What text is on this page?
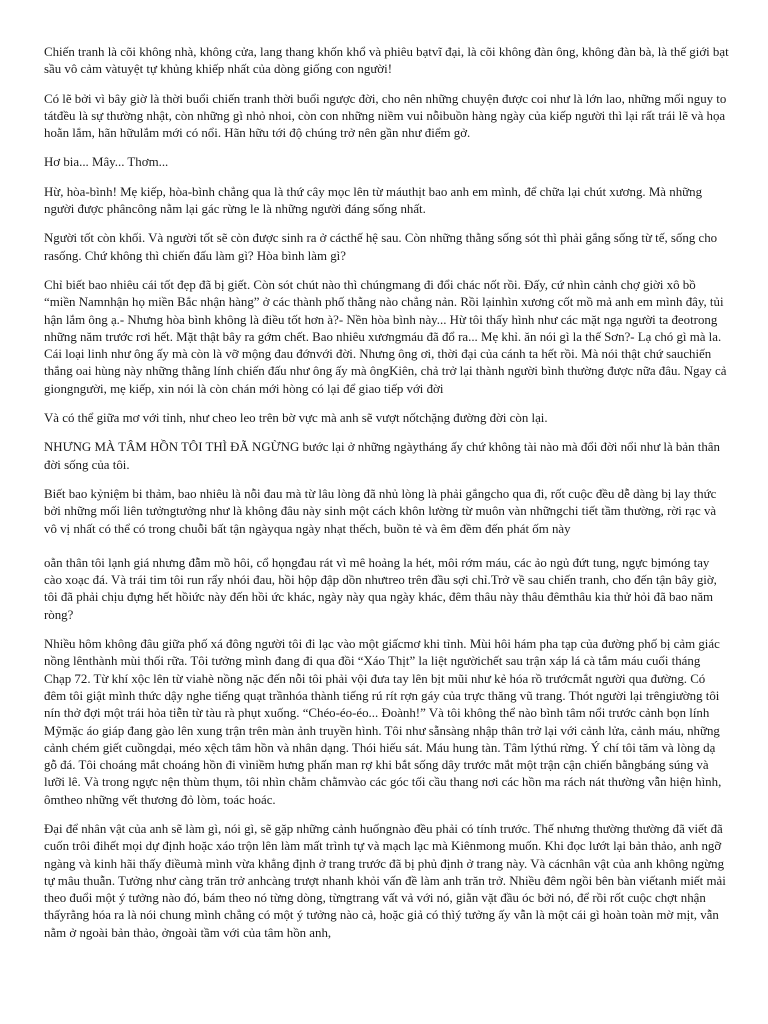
Chiến tranh là cõi không nhà, không cửa, lang thang khốn khổ và phiêu bạtvĩ đại, là cõi không đàn ông, không đàn bà, là thế giới bạt sầu vô cảm vàtuyệt tự khủng khiếp nhất của dòng giống con người!

Có lẽ bởi vì bây giờ là thời buổi chiến tranh thời buổi ngược đời, cho nên những chuyện được coi như là lớn lao, những mối nguy to tátđều là sự thường nhật, còn những gì nhỏ nhoi, còn con những niềm vui nỗibuồn hàng ngày của kiếp người thì lại rất trái lẽ và họa hoằn lắm, hãn hữulắm mới có nổi. Hãn hữu tới độ chúng trở nên gần như điểm gở.

Hơ bia... Mây... Thơm...

Hừ, hòa-bình! Mẹ kiếp, hòa-bình chẳng qua là thứ cây mọc lên từ máuthịt bao anh em mình, để chữa lại chút xương. Mà những người được phâncông nằm lại gác rừng le là những người đáng sống nhất.

Người tốt còn khối. Và người tốt sẽ còn được sinh ra ở cácthế hệ sau. Còn những thằng sống sót thì phải gắng sống từ tế, sống cho rasống. Chứ không thì chiến đấu làm gì? Hòa bình làm gì?

Chỉ biết bao nhiêu cái tốt đẹp đã bị giết. Còn sót chút nào thì chúngmang đi đổi chác nốt rồi. Đấy, cứ nhìn cảnh chợ giời xô bồ “miền Namnhận họ miền Bắc nhận hàng” ở các thành phố thằng nào chẳng nản. Rồi lạinhìn xương cốt mồ mả anh em mình đây, tủi hận lắm ông ạ.- Nhưng hòa bình không là điều tốt hơn à?- Nền hòa bình này... Hừ tôi thấy hình như các mặt ngạ người ta đeotrong những năm trước rơi hết. Mặt thật bây ra gớm chết. Bao nhiêu xươngmáu đã đổ ra... Mẹ khỉ. ăn nói gì la thế Sơn?- Lạ chó gì mà la. Cái loại linh như ông ấy mà còn là vỡ mộng đau đớnvới đời. Nhưng ông ơi, thời đại của cánh ta hết rồi. Mà nói thật chứ sauchiến thắng oai hùng này những thằng lính chiến đấu như ông ấy mà ôngKiên, chả trở lại thành người bình thường được nữa đâu. Ngay cả giongngười, mẹ kiếp, xin nói là còn chán mới hòng có lại để giao tiếp với đời

Và có thể giữa mơ với tỉnh, như cheo leo trên bờ vực mà anh sẽ vượt nốtchặng đường đời còn lại.

NHƯNG MÀ TÂM HỒN TÔI THÌ ĐÃ NGỪNG bước lại ở những ngàytháng ấy chứ không tài nào mà đổi đời nổi như là bản thân đời sống của tôi.

Biết bao kỷniệm bi thảm, bao nhiêu là nỗi đau mà từ lâu lòng đã nhủ lòng là phải gắngcho qua đi, rốt cuộc đều dễ dàng bị lay thức bởi những mối liên tưởngtưởng như là không đâu này sinh một cách khôn lường từ muôn vàn nhữngchi tiết tầm thường, rời rạc và vô vị nhất có thể có trong chuỗi bất tận ngàyqua ngày nhạt thếch, buồn tẻ và êm đềm đến phát ốm này

oằn thân tôi lạnh giá nhưng đẫm mồ hôi, cổ họngđau rát vì mê hoảng la hét, môi rớm máu, các ảo ngủ đứt tung, ngực bịmóng tay cào xoạc đá. Và trái tim tôi run rẩy nhói đau, hồi hộp đập dồn nhưtreo trên đầu sợi chỉ.Trở về sau chiến tranh, cho đến tận bây giờ, tôi đã phải chịu đựng hết hồiức này đến hồi ức khác, ngày này qua ngày khác, đêm thâu này thâu đêmthâu kia thử hỏi đã bao năm ròng?

Nhiều hôm không đâu giữa phố xá đông người tôi đi lạc vào một giấcmơ khi tỉnh. Mùi hôi hám pha tạp của đường phố bị cảm giác nồng lênthành mùi thối rữa. Tôi tưởng mình đang đi qua đồi “Xáo Thịt” la liệt ngườichết sau trận xáp lá cà tắm máu cuối tháng Chạp 72. Từ khí xộc lên từ viahè nồng nặc đến nỗi tôi phải vội đưa tay lên bịt mũi như kẻ hóa rồ trướcmắt người qua đường. Có đêm tôi giật mình thức dậy nghe tiếng quạt trầnhóa thành tiếng rú rít rợn gáy của trực thăng vũ trang. Thót người lại trêngiường tôi nín thở đợi một trái hỏa tiễn từ tàu rà phụt xuống. “Chéo-éo-éo... Đoành!” Và tôi không thể nào bình tâm nổi trước cảnh bọn lính Mỹmặc áo giáp đang gào lên xung trận trên màn ảnh truyền hình. Tôi như sẵnsàng nhập thân trở lại với cảnh lửa, cảnh máu, những cảnh chém giết cuồngdại, méo xệch tâm hồn và nhân dạng. Thói hiếu sát. Máu hung tàn. Tâm lýthú rừng. Ý chí tôi tăm và lòng dạ gỗ đá. Tôi choáng mắt choáng hồn đi vìniềm hưng phấn man rợ khi bắt sống dây trước mắt một trận cận chiến bằngbáng súng và lưỡi lê. Và trong ngực nện thùm thụm, tôi nhìn chằm chằmvào các góc tối cầu thang nơi các hồn ma rách nát thường vẫn hiện hình, ômtheo những vết thương đỏ lòm, toác hoác.

Đại để nhân vật của anh sẽ làm gì, nói gì, sẽ gặp những cảnh huốngnào đều phải có tính trước. Thế nhưng thường thường đã viết đã cuốn trôi đihết mọi dự định hoặc xáo trộn lên làm mất trình tự và mạch lạc mà Kiênmong muốn. Khi đọc lướt lại bản thảo, anh ngỡ ngàng và kinh hãi thấy điềumà mình vừa khẳng định ở trang trước đã bị phủ định ở trang này. Và cácnhân vật của anh không ngừng tự mâu thuẫn. Tưởng như càng trăn trở anhcàng trượt nhanh khỏi vấn đề làm anh trăn trở. Nhiều đêm ngồi bên bàn viếtanh miết mải theo đuổi một ý tưởng nào đó, bám theo nó từng dòng, từngtrang vất vả với nó, giằn vặt đầu óc bởi nó, để rồi rốt cuộc chợt nhận thấyrằng hóa ra là nói chung mình chẳng có một ý tưởng nào cả, hoặc giả có thìý tưởng ấy vẫn là một cái gì hoàn toàn mờ mịt, vẫn nằm ở ngoài bản thảo, ởngoài tầm với của tâm hồn anh,
